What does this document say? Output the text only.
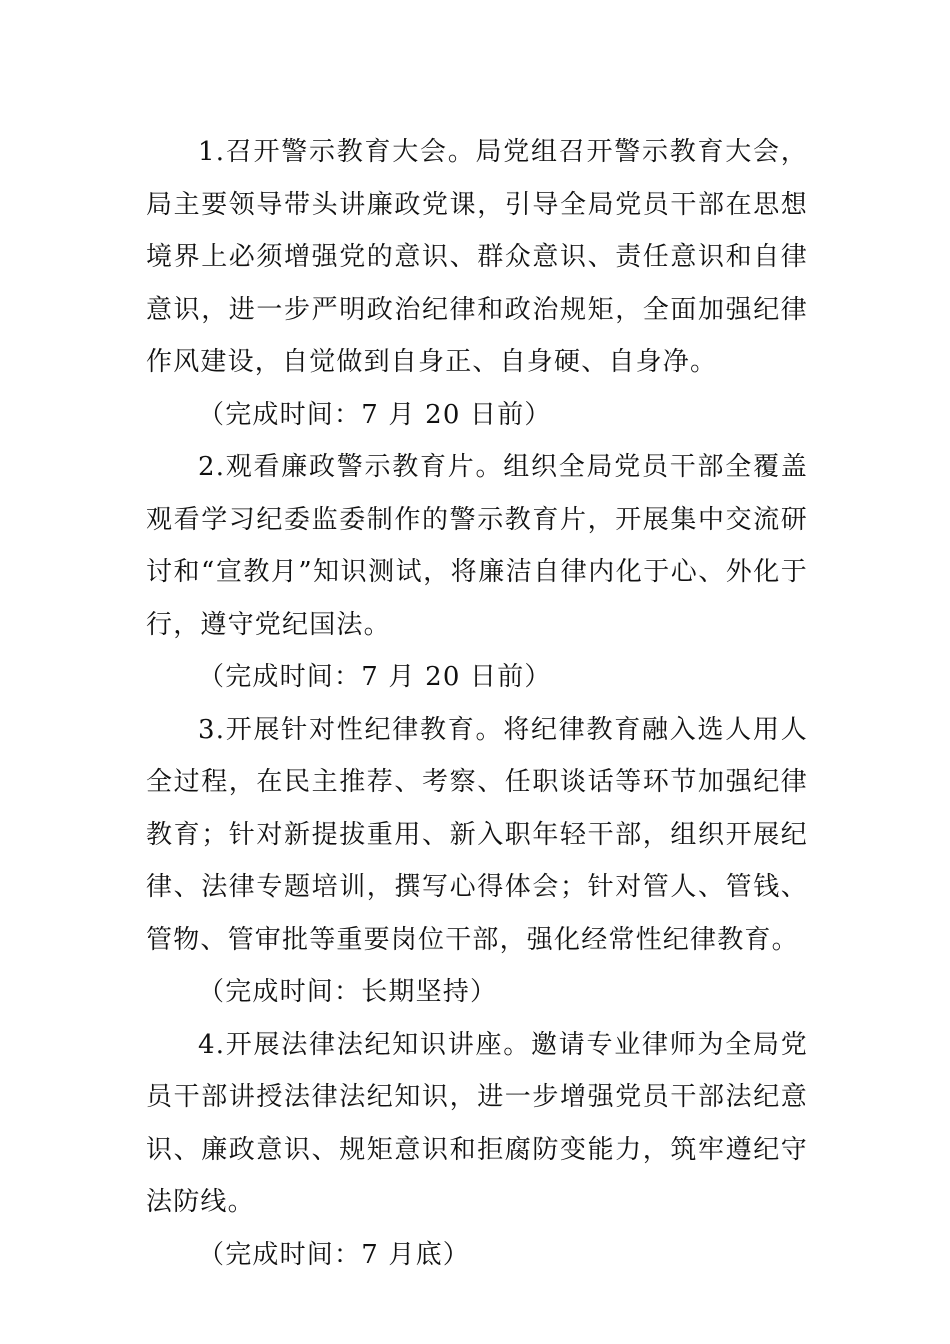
1.召开警示教育大会。局党组召开警示教育大会，局主要领导带头讲廉政党课，引导全局党员干部在思想境界上必须增强党的意识、群众意识、责任意识和自律意识，进一步严明政治纪律和政治规矩，全面加强纪律作风建设，自觉做到自身正、自身硬、自身净。

（完成时间：7 月 20 日前）

2.观看廉政警示教育片。组织全局党员干部全覆盖观看学习纪委监委制作的警示教育片，开展集中交流研讨和“宣教月”知识测试，将廉洁自律内化于心、外化于行，遵守党纪国法。

（完成时间：7 月 20 日前）

3.开展针对性纪律教育。将纪律教育融入选人用人全过程，在民主推荐、考察、任职谈话等环节加强纪律教育；针对新提拔重用、新入职年轻干部，组织开展纪律、法律专题培训，撰写心得体会；针对管人、管钱、管物、管审批等重要岗位干部，强化经常性纪律教育。

（完成时间：长期坚持）

4.开展法律法纪知识讲座。邀请专业律师为全局党员干部讲授法律法纪知识，进一步增强党员干部法纪意识、廉政意识、规矩意识和拒腐防变能力，筑牢遵纪守法防线。

（完成时间：7 月底）
